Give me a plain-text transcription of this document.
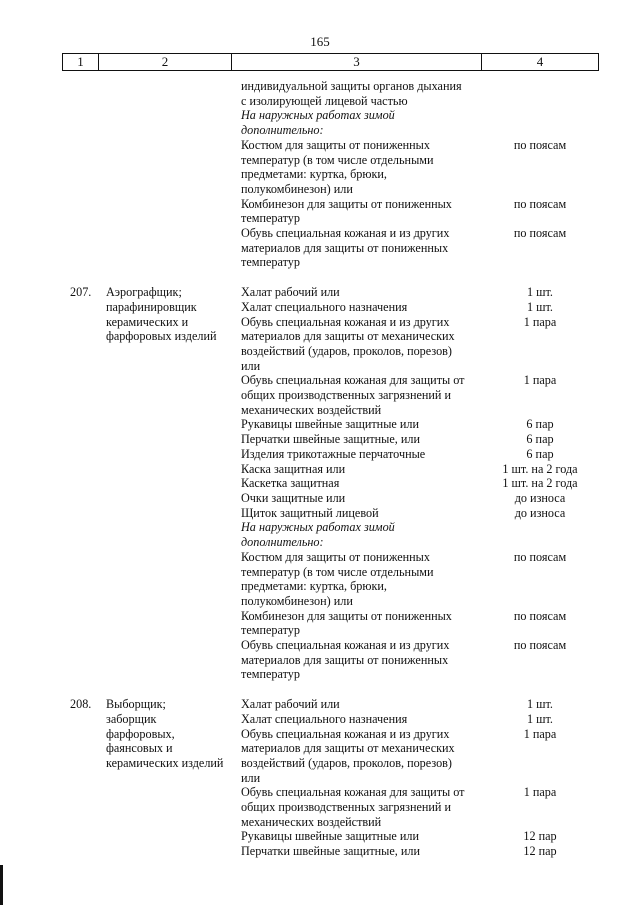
165
1	2	3	4
индивидуальной защиты органов дыхания
с изолирующей лицевой частью
На наружных работах зимой
дополнительно:
Костюм для защиты от пониженных	по поясам
температур (в том числе отдельными
предметами: куртка, брюки,
полукомбинезон) или
Комбинезон для защиты от пониженных	по поясам
температур
Обувь специальная кожаная и из других	по поясам
материалов для защиты от пониженных
температур
207.	Аэрографщик;	Халат рабочий или	1 шт.
парафинировщик	Халат специального назначения	1 шт.
керамических и	Обувь специальная кожаная и из других	1 пара
фарфоровых изделий	материалов для защиты от механических
воздействий (ударов, проколов, порезов)
или
Обувь специальная кожаная для защиты от	1 пара
общих производственных загрязнений и
механических воздействий
Рукавицы швейные защитные или	6 пар
Перчатки швейные защитные, или	6 пар
Изделия трикотажные перчаточные	6 пар
Каска защитная или	1 шт. на 2 года
Каскетка защитная	1 шт. на 2 года
Очки защитные или	до износа
Щиток защитный лицевой	до износа
На наружных работах зимой
дополнительно:
Костюм для защиты от пониженных	по поясам
температур (в том числе отдельными
предметами: куртка, брюки,
полукомбинезон) или
Комбинезон для защиты от пониженных	по поясам
температур
Обувь специальная кожаная и из других	по поясам
материалов для защиты от пониженных
температур
208.	Выборщик;	Халат рабочий или	1 шт.
заборщик	Халат специального назначения	1 шт.
фарфоровых,	Обувь специальная кожаная и из других	1 пара
фаянсовых и	материалов для защиты от механических
керамических изделий	воздействий (ударов, проколов, порезов)
или
Обувь специальная кожаная для защиты от	1 пара
общих производственных загрязнений и
механических воздействий
Рукавицы швейные защитные или	12 пар
Перчатки швейные защитные, или	12 пар
